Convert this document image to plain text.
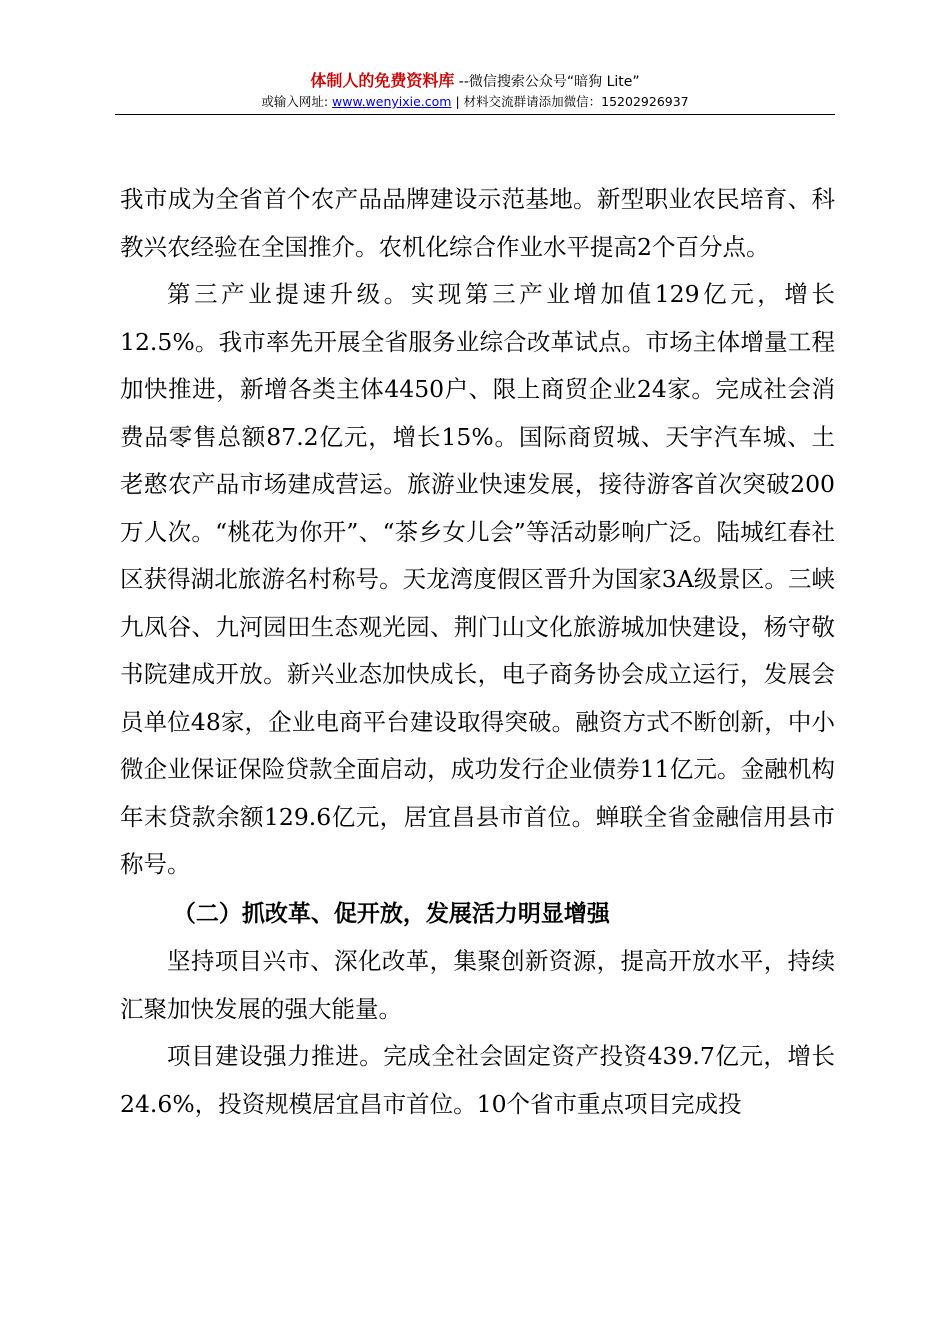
体制人的免费资料库 --微信搜索公众号“暗狗 Lite”
或输入网址: www.wenyixie.com | 材料交流群请添加微信：15202926937

我市成为全省首个农产品品牌建设示范基地。新型职业农民培育、科教兴农经验在全国推介。农机化综合作业水平提高2个百分点。

第三产业提速升级。实现第三产业增加值129亿元，增长12.5%。我市率先开展全省服务业综合改革试点。市场主体增量工程加快推进，新增各类主体4450户、限上商贸企业24家。完成社会消费品零售总额87.2亿元，增长15%。国际商贸城、天宇汽车城、土老憨农产品市场建成营运。旅游业快速发展，接待游客首次突破200万人次。“桃花为你开”、“茶乡女儿会”等活动影响广泛。陆城红春社区获得湖北旅游名村称号。天龙湾度假区晋升为国家3A级景区。三峡九凤谷、九河园田生态观光园、荆门山文化旅游城加快建设，杨守敬书院建成开放。新兴业态加快成长，电子商务协会成立运行，发展会员单位48家，企业电商平台建设取得突破。融资方式不断创新，中小微企业保证保险贷款全面启动，成功发行企业债券11亿元。金融机构年末贷款余额129.6亿元，居宜昌县市首位。蝉联全省金融信用县市称号。

（二）抓改革、促开放，发展活力明显增强

坚持项目兴市、深化改革，集聚创新资源，提高开放水平，持续汇聚加快发展的强大能量。

项目建设强力推进。完成全社会固定资产投资439.7亿元，增长24.6%，投资规模居宜昌市首位。10个省市重点项目完成投
